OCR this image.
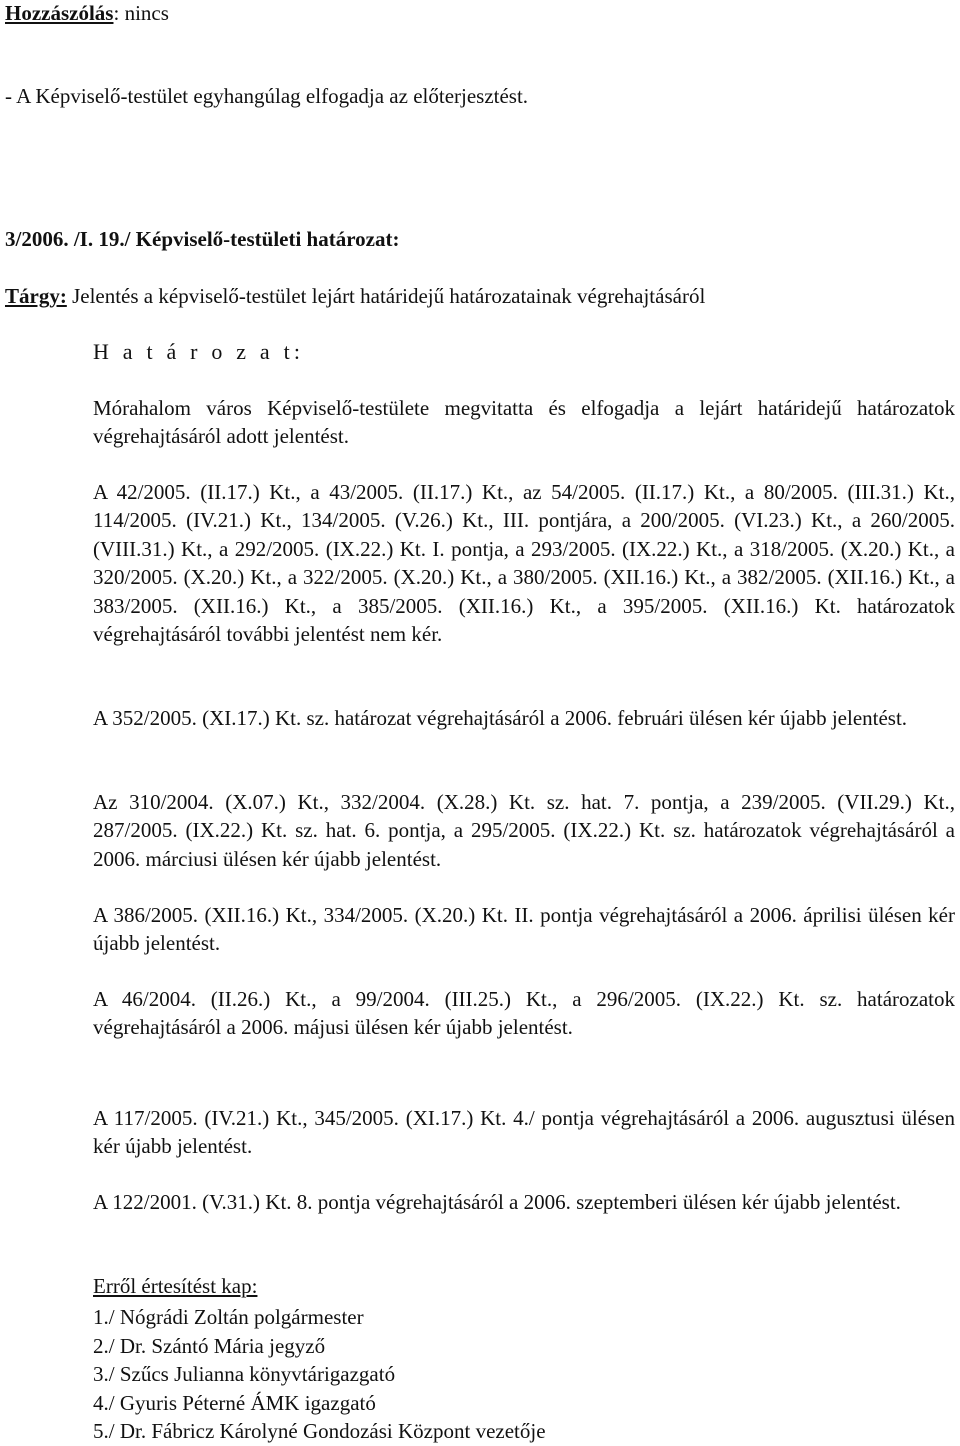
Hozzászólás: nincs
- A Képviselő-testület egyhangúlag elfogadja az előterjesztést.
3/2006. /I. 19./ Képviselő-testületi határozat:
Tárgy: Jelentés a képviselő-testület lejárt határidejű határozatainak végrehajtásáról
H a t á r o z a t:

Mórahalom város Képviselő-testülete megvitatta és elfogadja a lejárt határidejű határozatok végrehajtásáról adott jelentést.

A 42/2005. (II.17.) Kt., a 43/2005. (II.17.) Kt., az 54/2005. (II.17.) Kt., a 80/2005. (III.31.) Kt., 114/2005. (IV.21.) Kt., 134/2005. (V.26.) Kt., III. pontjára, a 200/2005. (VI.23.) Kt., a 260/2005. (VIII.31.) Kt., a 292/2005. (IX.22.) Kt. I. pontja, a 293/2005. (IX.22.) Kt., a 318/2005. (X.20.) Kt., a 320/2005. (X.20.) Kt., a 322/2005. (X.20.) Kt., a 380/2005. (XII.16.) Kt., a 382/2005. (XII.16.) Kt., a 383/2005. (XII.16.) Kt., a 385/2005. (XII.16.) Kt., a 395/2005. (XII.16.) Kt. határozatok végrehajtásáról további jelentést nem kér.

A 352/2005. (XI.17.) Kt. sz. határozat végrehajtásáról a 2006. februári ülésen kér újabb jelentést.

Az 310/2004. (X.07.) Kt., 332/2004. (X.28.) Kt. sz. hat. 7. pontja, a 239/2005. (VII.29.) Kt., 287/2005. (IX.22.) Kt. sz. hat. 6. pontja, a 295/2005. (IX.22.) Kt. sz. határozatok végrehajtásáról a 2006. márciusi ülésen kér újabb jelentést.

A 386/2005. (XII.16.) Kt., 334/2005. (X.20.) Kt. II. pontja végrehajtásáról a 2006. áprilisi ülésen kér újabb jelentést.

A 46/2004. (II.26.) Kt., a 99/2004. (III.25.) Kt., a 296/2005. (IX.22.) Kt. sz. határozatok végrehajtásáról a 2006. májusi ülésen kér újabb jelentést.

A 117/2005. (IV.21.) Kt., 345/2005. (XI.17.) Kt. 4./ pontja végrehajtásáról a 2006. augusztusi ülésen kér újabb jelentést.

A 122/2001. (V.31.) Kt. 8. pontja végrehajtásáról a 2006. szeptemberi ülésen kér újabb jelentést.

Erről értesítést kap:
1./ Nógrádi Zoltán polgármester
2./ Dr. Szántó Mária jegyző
3./ Szűcs Julianna könyvtárigazgató
4./ Gyuris Péterné ÁMK igazgató
5./ Dr. Fábricz Károlyné Gondozási Központ vezetője
